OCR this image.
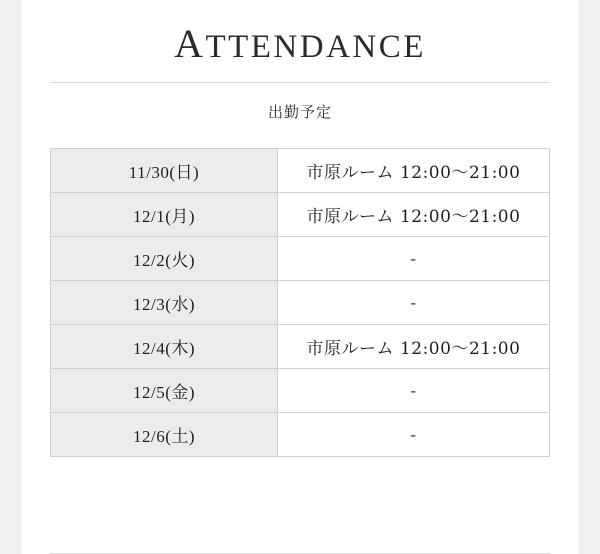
ATTENDANCE
出勤予定
11/30(日)	市原ルーム 12:00〜21:00
12/1(月)	市原ルーム 12:00〜21:00
12/2(火)	-
12/3(水)	-
12/4(木)	市原ルーム 12:00〜21:00
12/5(金)	-
12/6(土)	-
